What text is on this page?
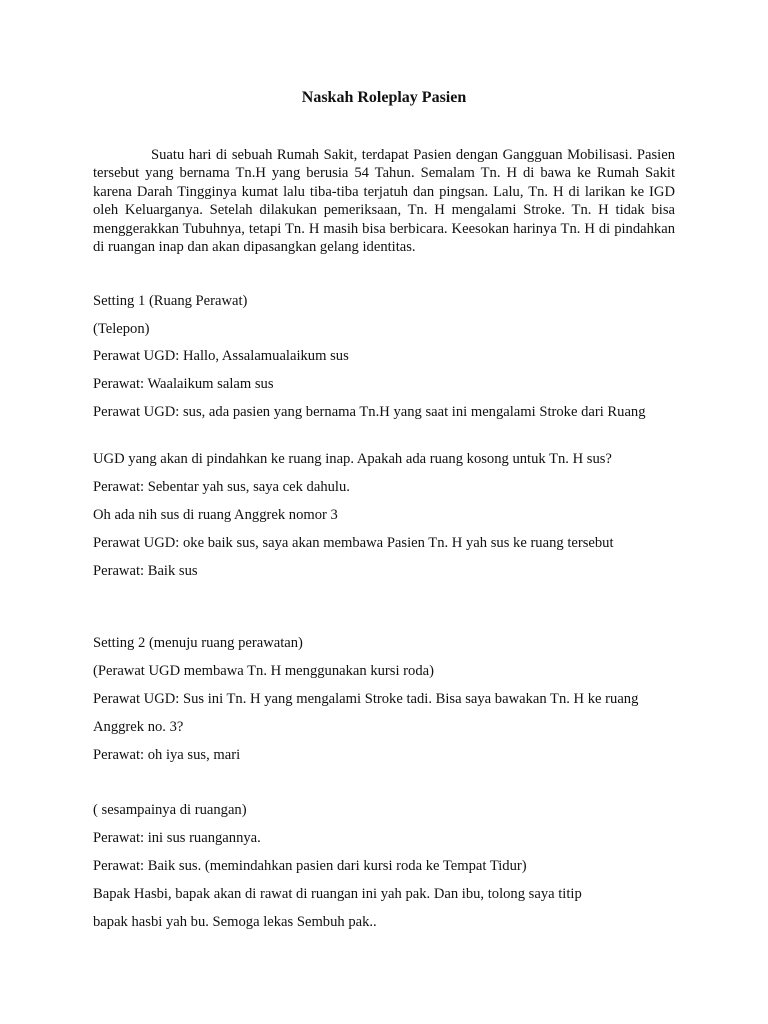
Naskah Roleplay Pasien

Suatu hari di sebuah Rumah Sakit, terdapat Pasien dengan Gangguan Mobilisasi. Pasien tersebut yang bernama Tn.H yang berusia 54 Tahun. Semalam Tn. H di bawa ke Rumah Sakit karena Darah Tingginya kumat lalu tiba-tiba terjatuh dan pingsan. Lalu, Tn. H di larikan ke IGD oleh Keluarganya. Setelah dilakukan pemeriksaan, Tn. H mengalami Stroke. Tn. H tidak bisa menggerakkan Tubuhnya, tetapi Tn. H masih bisa berbicara. Keesokan harinya Tn. H di pindahkan di ruangan inap dan akan dipasangkan gelang identitas.

Setting 1 (Ruang Perawat)

(Telepon)

Perawat UGD: Hallo, Assalamualaikum sus

Perawat: Waalaikum salam sus

Perawat UGD: sus, ada pasien yang bernama Tn.H yang saat ini mengalami Stroke dari Ruang

UGD yang akan di pindahkan ke ruang inap. Apakah ada ruang kosong untuk Tn. H sus?

Perawat: Sebentar yah sus, saya cek dahulu.

Oh ada nih sus di ruang Anggrek nomor 3

Perawat UGD: oke baik sus, saya akan membawa Pasien Tn. H yah sus ke ruang tersebut

Perawat: Baik sus

Setting 2 (menuju ruang perawatan)

(Perawat UGD membawa Tn. H menggunakan kursi roda)

Perawat UGD: Sus ini Tn. H yang mengalami Stroke tadi. Bisa saya bawakan Tn. H ke ruang

Anggrek no. 3?

Perawat: oh iya sus, mari

( sesampainya di ruangan)

Perawat: ini sus ruangannya.

Perawat: Baik sus. (memindahkan pasien dari kursi roda ke Tempat Tidur)

Bapak Hasbi, bapak akan di rawat di ruangan ini yah pak. Dan ibu, tolong saya titip

bapak hasbi yah bu. Semoga lekas Sembuh pak..
